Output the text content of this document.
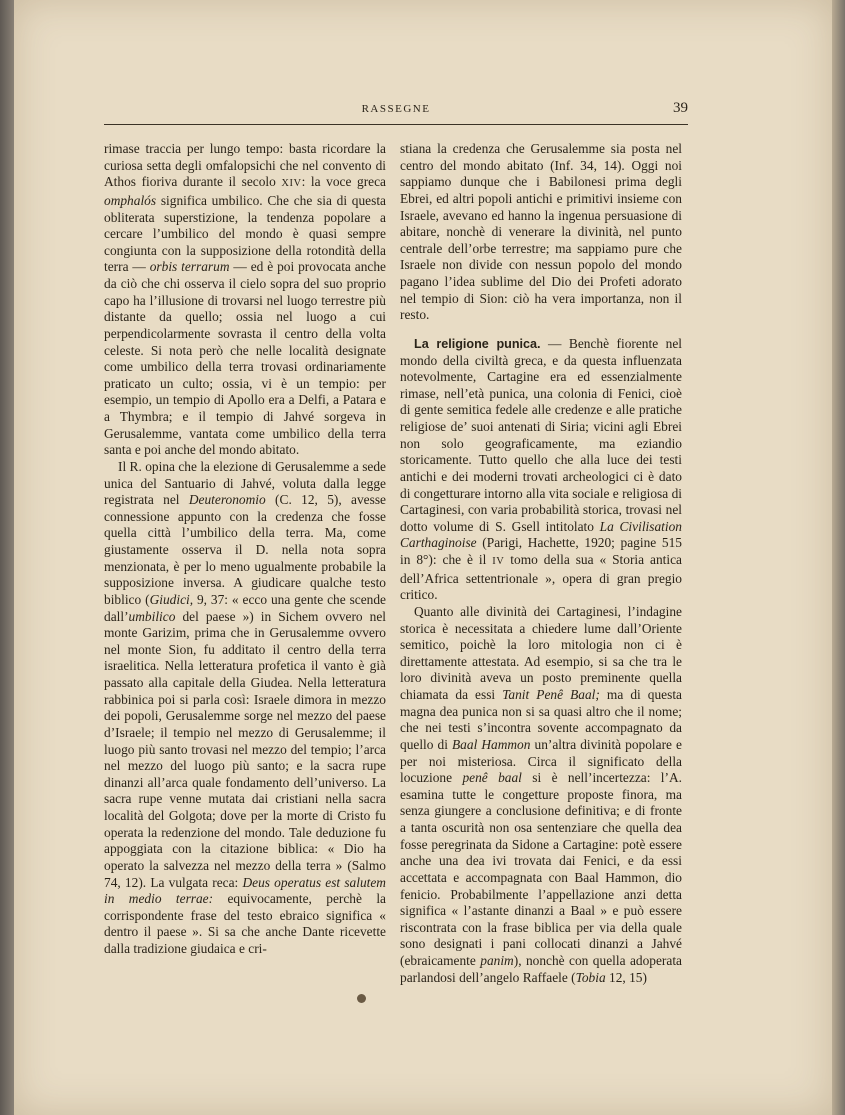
RASSEGNE	39

rimase traccia per lungo tempo: basta ricordare la curiosa setta degli omfalopsichi che nel convento di Athos fioriva durante il secolo XIV: la voce greca omphalós significa umbilico. Che che sia di questa obliterata superstizione, la tendenza popolare a cercare l’umbilico del mondo è quasi sempre congiunta con la supposizione della rotondità della terra — orbis terrarum — ed è poi provocata anche da ciò che chi osserva il cielo sopra del suo proprio capo ha l’illusione di trovarsi nel luogo terrestre più distante da quello; ossia nel luogo a cui perpendicolarmente sovrasta il centro della volta celeste. Si nota però che nelle località designate come umbilico della terra trovasi ordinariamente praticato un culto; ossia, vi è un tempio: per esempio, un tempio di Apollo era a Delfi, a Patara e a Thymbra; e il tempio di Jahvé sorgeva in Gerusalemme, vantata come umbilico della terra santa e poi anche del mondo abitato.

Il R. opina che la elezione di Gerusalemme a sede unica del Santuario di Jahvé, voluta dalla legge registrata nel Deuteronomio (C. 12, 5), avesse connessione appunto con la credenza che fosse quella città l’umbilico della terra. Ma, come giustamente osserva il D. nella nota sopra menzionata, è per lo meno ugualmente probabile la supposizione inversa. A giudicare qualche testo biblico (Giudici, 9, 37: « ecco una gente che scende dall’umbilico del paese ») in Sichem ovvero nel monte Garizim, prima che in Gerusalemme ovvero nel monte Sion, fu additato il centro della terra israelitica. Nella letteratura profetica il vanto è già passato alla capitale della Giudea. Nella letteratura rabbinica poi si parla così: Israele dimora in mezzo dei popoli, Gerusalemme sorge nel mezzo del paese d’Israele; il tempio nel mezzo di Gerusalemme; il luogo più santo trovasi nel mezzo del tempio; l’arca nel mezzo del luogo più santo; e la sacra rupe dinanzi all’arca quale fondamento dell’universo. La sacra rupe venne mutata dai cristiani nella sacra località del Golgota; dove per la morte di Cristo fu operata la redenzione del mondo. Tale deduzione fu appoggiata con la citazione biblica: « Dio ha operato la salvezza nel mezzo della terra » (Salmo 74, 12). La vulgata reca: Deus operatus est salutem in medio terrae: equivocamente, perchè la corrispondente frase del testo ebraico significa « dentro il paese ». Si sa che anche Dante ricevette dalla tradizione giudaica e cri-

stiana la credenza che Gerusalemme sia posta nel centro del mondo abitato (Inf. 34, 14). Oggi noi sappiamo dunque che i Babilonesi prima degli Ebrei, ed altri popoli antichi e primitivi insieme con Israele, avevano ed hanno la ingenua persuasione di abitare, nonchè di venerare la divinità, nel punto centrale dell’orbe terrestre; ma sappiamo pure che Israele non divide con nessun popolo del mondo pagano l’idea sublime del Dio dei Profeti adorato nel tempio di Sion: ciò ha vera importanza, non il resto.

La religione punica. — Benchè fiorente nel mondo della civiltà greca, e da questa influenzata notevolmente, Cartagine era ed essenzialmente rimase, nell’età punica, una colonia di Fenici, cioè di gente semitica fedele alle credenze e alle pratiche religiose de’ suoi antenati di Siria; vicini agli Ebrei non solo geograficamente, ma eziandio storicamente. Tutto quello che alla luce dei testi antichi e dei moderni trovati archeologici ci è dato di congetturare intorno alla vita sociale e religiosa di Cartaginesi, con varia probabilità storica, trovasi nel dotto volume di S. Gsell intitolato La Civilisation Carthaginoise (Parigi, Hachette, 1920; pagine 515 in 8°): che è il IV tomo della sua « Storia antica dell’Africa settentrionale », opera di gran pregio critico.

Quanto alle divinità dei Cartaginesi, l’indagine storica è necessitata a chiedere lume dall’Oriente semitico, poichè la loro mitologia non ci è direttamente attestata. Ad esempio, si sa che tra le loro divinità aveva un posto preminente quella chiamata da essi Tanit Penê Baal; ma di questa magna dea punica non si sa quasi altro che il nome; che nei testi s’incontra sovente accompagnato da quello di Baal Hammon un’altra divinità popolare e per noi misteriosa. Circa il significato della locuzione penê baal si è nell’incertezza: l’A. esamina tutte le congetture proposte finora, ma senza giungere a conclusione definitiva; e di fronte a tanta oscurità non osa sentenziare che quella dea fosse peregrinata da Sidone a Cartagine: potè essere anche una dea ivi trovata dai Fenici, e da essi accettata e accompagnata con Baal Hammon, dio fenicio. Probabilmente l’appellazione anzi detta significa « l’astante dinanzi a Baal » e può essere riscontrata con la frase biblica per via della quale sono designati i pani collocati dinanzi a Jahvé (ebraicamente panim), nonchè con quella adoperata parlandosi dell’angelo Raffaele (Tobia 12, 15)
